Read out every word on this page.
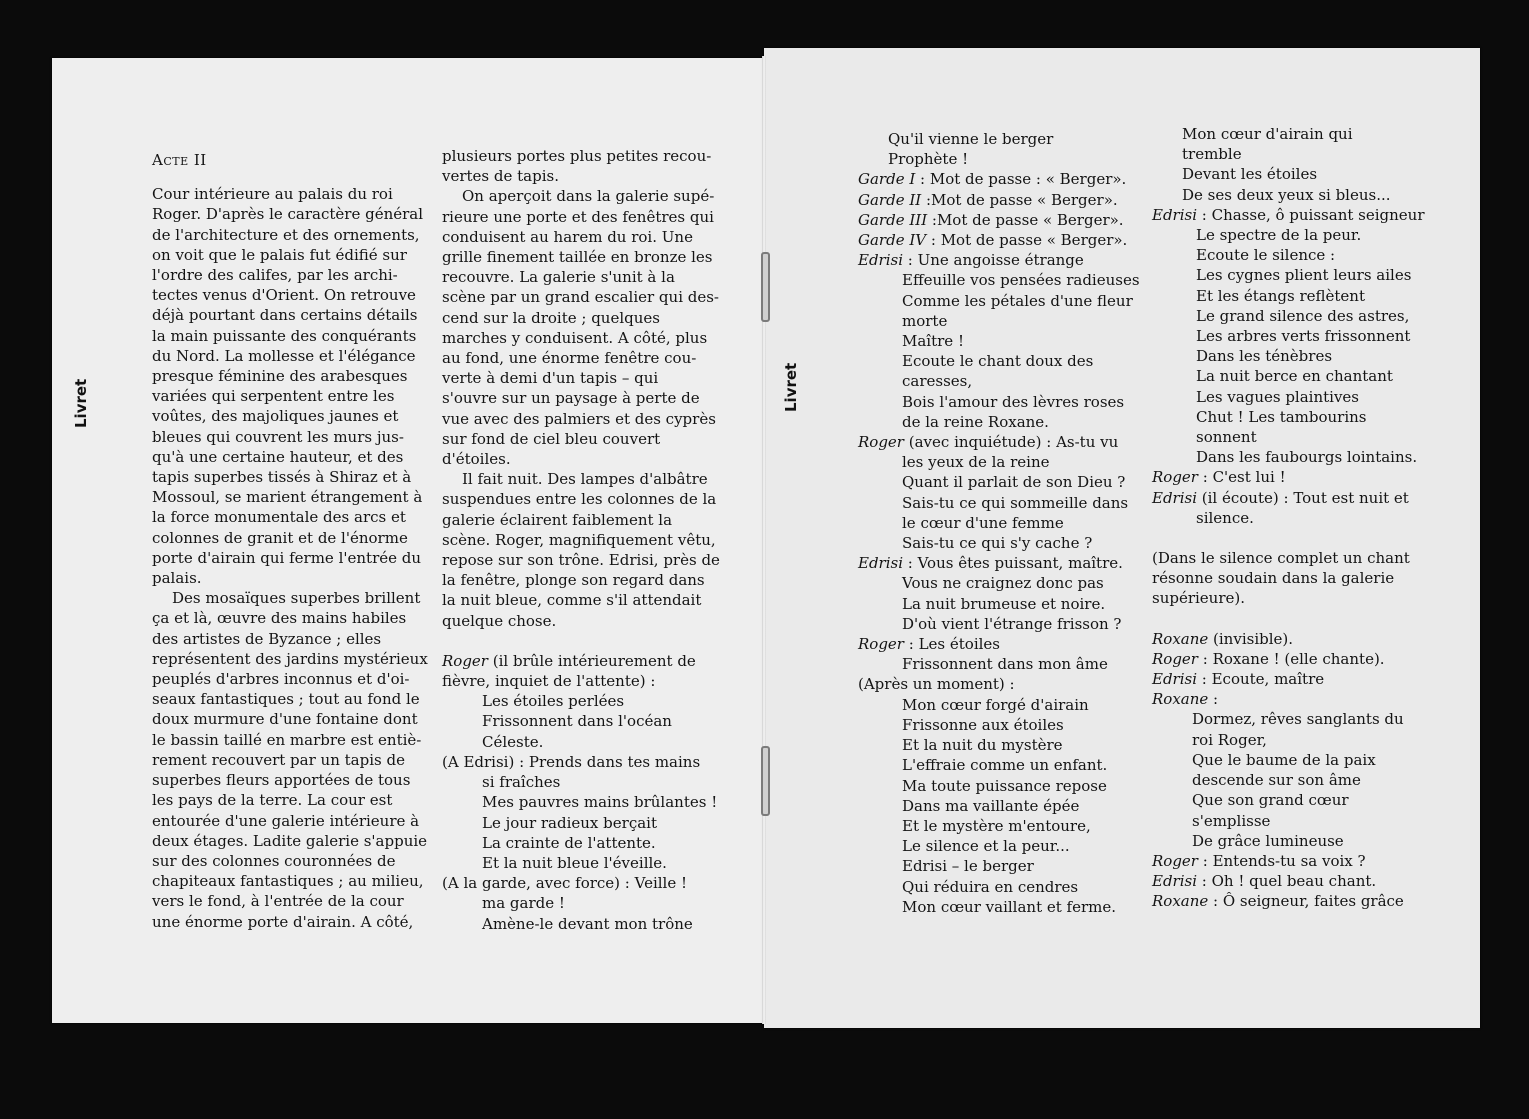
Livret	Livret
Acte II
Cour intérieure au palais du roi
Roger. D'après le caractère général
de l'architecture et des ornements,
on voit que le palais fut édifié sur
l'ordre des califes, par les archi-
tectes venus d'Orient. On retrouve
déjà pourtant dans certains détails
la main puissante des conquérants
du Nord. La mollesse et l'élégance
presque féminine des arabesques
variées qui serpentent entre les
voûtes, des majoliques jaunes et
bleues qui couvrent les murs jus-
qu'à une certaine hauteur, et des
tapis superbes tissés à Shiraz et à
Mossoul, se marient étrangement à
la force monumentale des arcs et
colonnes de granit et de l'énorme
porte d'airain qui ferme l'entrée du
palais.
Des mosaïques superbes brillent
ça et là, œuvre des mains habiles
des artistes de Byzance ; elles
représentent des jardins mystérieux
peuplés d'arbres inconnus et d'oi-
seaux fantastiques ; tout au fond le
doux murmure d'une fontaine dont
le bassin taillé en marbre est entiè-
rement recouvert par un tapis de
superbes fleurs apportées de tous
les pays de la terre. La cour est
entourée d'une galerie intérieure à
deux étages. Ladite galerie s'appuie
sur des colonnes couronnées de
chapiteaux fantastiques ; au milieu,
vers le fond, à l'entrée de la cour
une énorme porte d'airain. A côté,
plusieurs portes plus petites recou-
vertes de tapis.
On aperçoit dans la galerie supé-
rieure une porte et des fenêtres qui
conduisent au harem du roi. Une
grille finement taillée en bronze les
recouvre. La galerie s'unit à la
scène par un grand escalier qui des-
cend sur la droite ; quelques
marches y conduisent. A côté, plus
au fond, une énorme fenêtre cou-
verte à demi d'un tapis – qui
s'ouvre sur un paysage à perte de
vue avec des palmiers et des cyprès
sur fond de ciel bleu couvert
d'étoiles.
Il fait nuit. Des lampes d'albâtre
suspendues entre les colonnes de la
galerie éclairent faiblement la
scène. Roger, magnifiquement vêtu,
repose sur son trône. Edrisi, près de
la fenêtre, plonge son regard dans
la nuit bleue, comme s'il attendait
quelque chose.
Roger (il brûle intérieurement de
fièvre, inquiet de l'attente) :
Les étoiles perlées
Frissonnent dans l'océan
Céleste.
(A Edrisi) : Prends dans tes mains
si fraîches
Mes pauvres mains brûlantes !
Le jour radieux berçait
La crainte de l'attente.
Et la nuit bleue l'éveille.
(A la garde, avec force) : Veille !
ma garde !
Amène-le devant mon trône
Qu'il vienne le berger
Prophète !
Garde I : Mot de passe : « Berger».
Garde II :Mot de passe « Berger».
Garde III :Mot de passe « Berger».
Garde IV : Mot de passe « Berger».
Edrisi : Une angoisse étrange
Effeuille vos pensées radieuses
Comme les pétales d'une fleur
morte
Maître !
Ecoute le chant doux des
caresses,
Bois l'amour des lèvres roses
de la reine Roxane.
Roger (avec inquiétude) : As-tu vu
les yeux de la reine
Quant il parlait de son Dieu ?
Sais-tu ce qui sommeille dans
le cœur d'une femme
Sais-tu ce qui s'y cache ?
Edrisi : Vous êtes puissant, maître.
Vous ne craignez donc pas
La nuit brumeuse et noire.
D'où vient l'étrange frisson ?
Roger : Les étoiles
Frissonnent dans mon âme
(Après un moment) :
Mon cœur forgé d'airain
Frissonne aux étoiles
Et la nuit du mystère
L'effraie comme un enfant.
Ma toute puissance repose
Dans ma vaillante épée
Et le mystère m'entoure,
Le silence et la peur...
Edrisi – le berger
Qui réduira en cendres
Mon cœur vaillant et ferme.
Mon cœur d'airain qui
tremble
Devant les étoiles
De ses deux yeux si bleus...
Edrisi : Chasse, ô puissant seigneur
Le spectre de la peur.
Ecoute le silence :
Les cygnes plient leurs ailes
Et les étangs reflètent
Le grand silence des astres,
Les arbres verts frissonnent
Dans les ténèbres
La nuit berce en chantant
Les vagues plaintives
Chut ! Les tambourins
sonnent
Dans les faubourgs lointains.
Roger : C'est lui !
Edrisi (il écoute) : Tout est nuit et
silence.
(Dans le silence complet un chant
résonne soudain dans la galerie
supérieure).
Roxane (invisible).
Roger : Roxane ! (elle chante).
Edrisi : Ecoute, maître
Roxane :
Dormez, rêves sanglants du
roi Roger,
Que le baume de la paix
descende sur son âme
Que son grand cœur
s'emplisse
De grâce lumineuse
Roger : Entends-tu sa voix ?
Edrisi : Oh ! quel beau chant.
Roxane : Ô seigneur, faites grâce
